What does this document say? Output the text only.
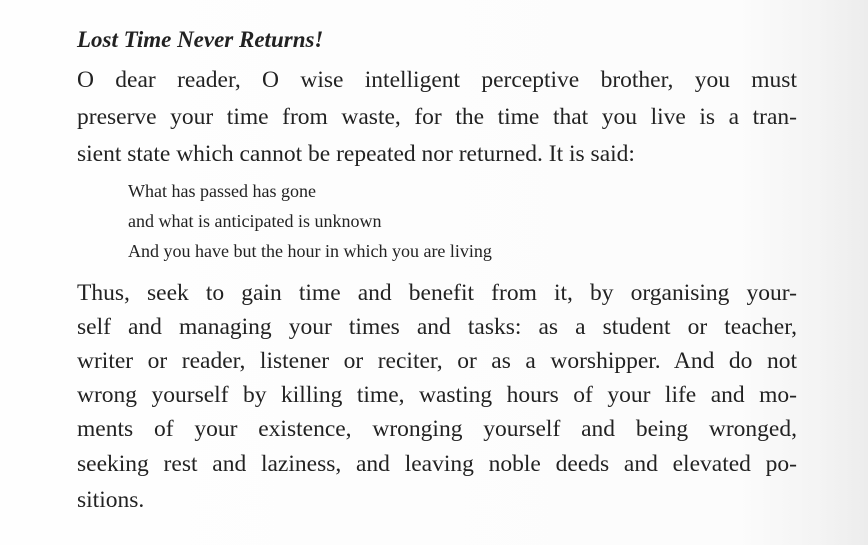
Lost Time Never Returns!

O dear reader, O wise intelligent perceptive brother, you must

preserve your time from waste, for the time that you live is a tran-

sient state which cannot be repeated nor returned. It is said:

What has passed has gone

and what is anticipated is unknown

And you have but the hour in which you are living

Thus, seek to gain time and benefit from it, by organising your-

self and managing your times and tasks: as a student or teacher,

writer or reader, listener or reciter, or as a worshipper. And do not

wrong yourself by killing time, wasting hours of your life and mo-

ments of your existence, wronging yourself and being wronged,

seeking rest and laziness, and leaving noble deeds and elevated po-

sitions.
